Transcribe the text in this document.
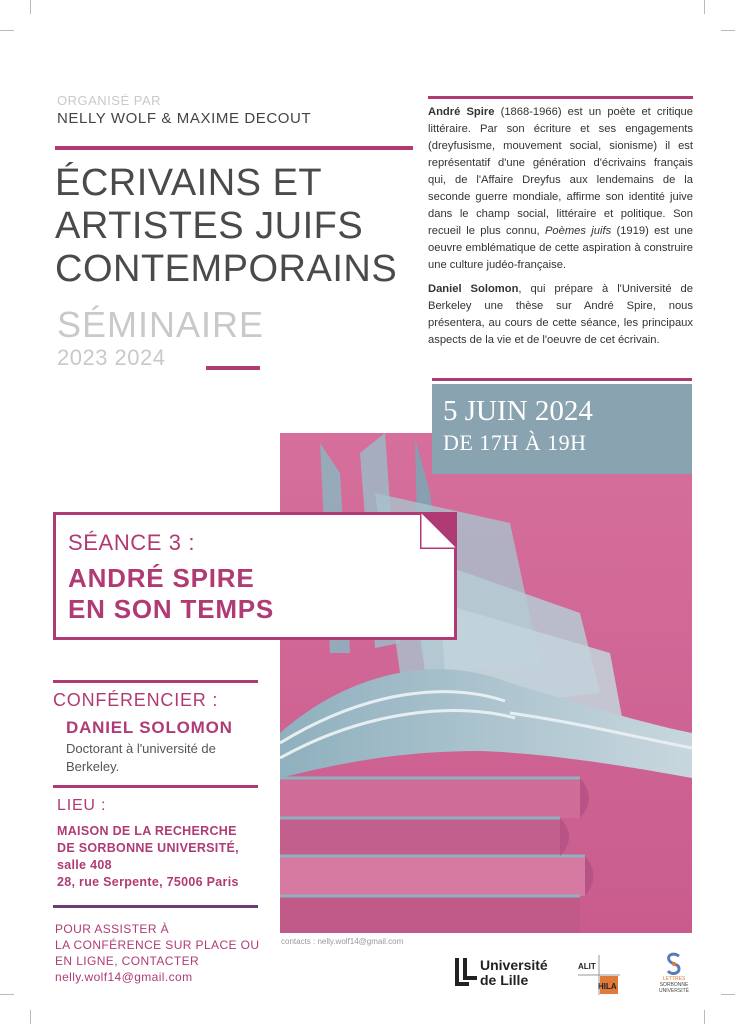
ORGANISÉ PAR
NELLY WOLF & MAXIME DECOUT
ÉCRIVAINS ET
ARTISTES JUIFS
CONTEMPORAINS
SÉMINAIRE
2023 2024

André Spire (1868-1966) est un poète et critique littéraire. Par son écriture et ses engagements (dreyfusisme, mouvement social, sionisme) il est représentatif d'une génération d'écrivains français qui, de l'Affaire Dreyfus aux lendemains de la seconde guerre mondiale, affirme son identité juive dans le champ social, littéraire et politique. Son recueil le plus connu, Poèmes juifs (1919) est une oeuvre emblématique de cette aspiration à construire une culture judéo-française.

Daniel Solomon, qui prépare à l'Université de Berkeley une thèse sur André Spire, nous présentera, au cours de cette séance, les principaux aspects de la vie et de l'oeuvre de cet écrivain.

5 JUIN 2024
DE 17H À 19H
SÉANCE 3 :
ANDRÉ SPIRE
EN SON TEMPS
CONFÉRENCIER :
DANIEL SOLOMON
Doctorant à l'université de
Berkeley.
LIEU :
MAISON DE LA RECHERCHE
DE SORBONNE UNIVERSITÉ,
salle 408
28, rue Serpente, 75006 Paris
POUR ASSISTER À
LA CONFÉRENCE SUR PLACE OU
EN LIGNE, CONTACTER
nelly.wolf14@gmail.com
contacts : nelly.wolf14@gmail.com
Université
de Lille
ALIT
HILA
LETTRES
SORBONNE
UNIVERSITÉ
